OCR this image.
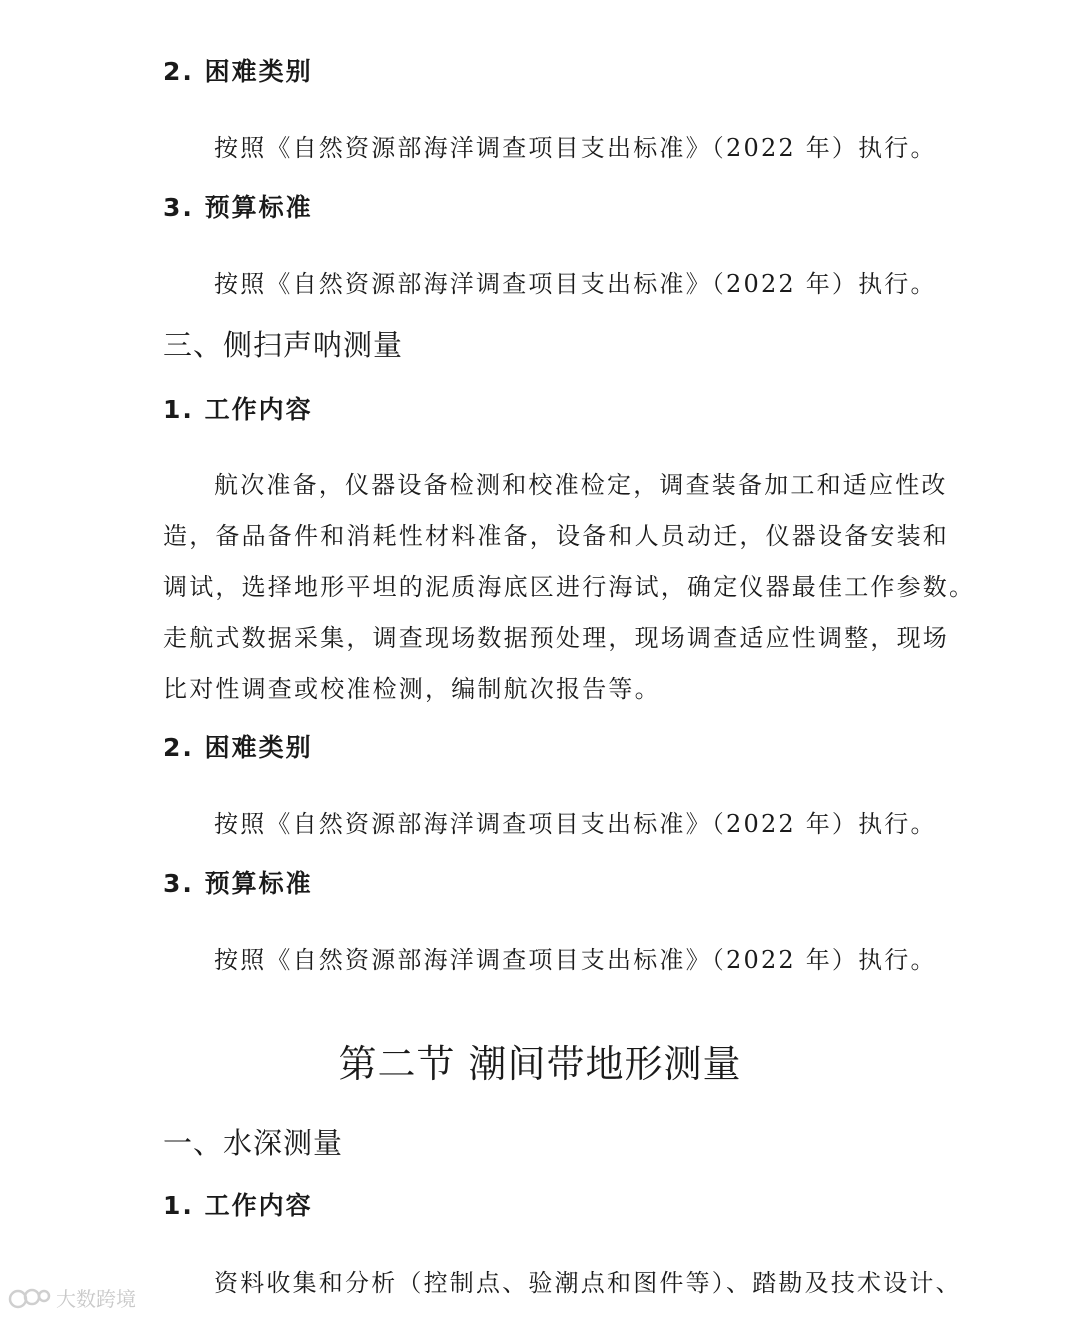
2. 困难类别
按照《自然资源部海洋调查项目支出标准》（2022 年）执行。
3. 预算标准
按照《自然资源部海洋调查项目支出标准》（2022 年）执行。
三、侧扫声呐测量
1. 工作内容
航次准备，仪器设备检测和校准检定，调查装备加工和适应性改
造，备品备件和消耗性材料准备，设备和人员动迁，仪器设备安装和
调试，选择地形平坦的泥质海底区进行海试，确定仪器最佳工作参数。
走航式数据采集，调查现场数据预处理，现场调查适应性调整，现场
比对性调查或校准检测，编制航次报告等。
2. 困难类别
按照《自然资源部海洋调查项目支出标准》（2022 年）执行。
3. 预算标准
按照《自然资源部海洋调查项目支出标准》（2022 年）执行。
第二节 潮间带地形测量
一、水深测量
1. 工作内容
资料收集和分析（控制点、验潮点和图件等）、踏勘及技术设计、
大数跨境
